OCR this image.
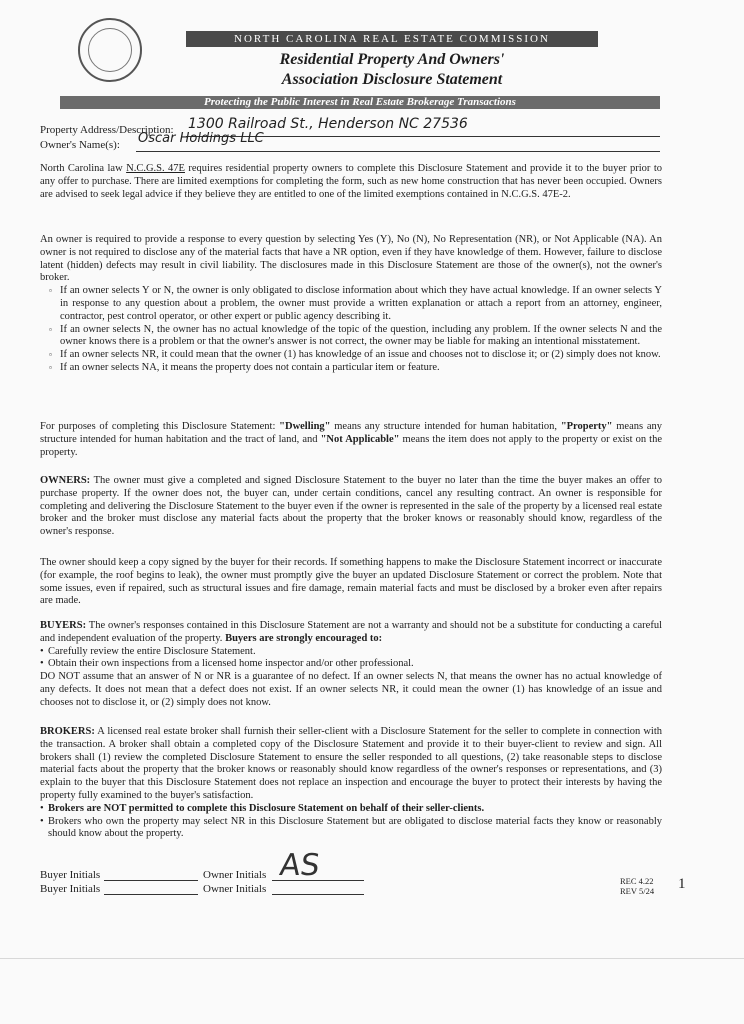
NORTH CAROLINA REAL ESTATE COMMISSION
Residential Property And Owners'
Association Disclosure Statement
Protecting the Public Interest in Real Estate Brokerage Transactions
Property Address/Description: 1300 Railroad St., Henderson NC 27536
Owner's Name(s): Oscar Holdings LLC

North Carolina law N.C.G.S. 47E requires residential property owners to complete this Disclosure Statement and provide it to the buyer prior to any offer to purchase. There are limited exemptions for completing the form, such as new home construction that has never been occupied. Owners are advised to seek legal advice if they believe they are entitled to one of the limited exemptions contained in N.C.G.S. 47E-2.

An owner is required to provide a response to every question by selecting Yes (Y), No (N), No Representation (NR), or Not Applicable (NA). An owner is not required to disclose any of the material facts that have a NR option, even if they have knowledge of them. However, failure to disclose latent (hidden) defects may result in civil liability. The disclosures made in this Disclosure Statement are those of the owner(s), not the owner's broker.

▫ If an owner selects Y or N, the owner is only obligated to disclose information about which they have actual knowledge. If an owner selects Y in response to any question about a problem, the owner must provide a written explanation or attach a report from an attorney, engineer, contractor, pest control operator, or other expert or public agency describing it.
▫ If an owner selects N, the owner has no actual knowledge of the topic of the question, including any problem. If the owner selects N and the owner knows there is a problem or that the owner's answer is not correct, the owner may be liable for making an intentional misstatement.
▫ If an owner selects NR, it could mean that the owner (1) has knowledge of an issue and chooses not to disclose it; or (2) simply does not know.
▫ If an owner selects NA, it means the property does not contain a particular item or feature.

For purposes of completing this Disclosure Statement: "Dwelling" means any structure intended for human habitation, "Property" means any structure intended for human habitation and the tract of land, and "Not Applicable" means the item does not apply to the property or exist on the property.

OWNERS: The owner must give a completed and signed Disclosure Statement to the buyer no later than the time the buyer makes an offer to purchase property. If the owner does not, the buyer can, under certain conditions, cancel any resulting contract. An owner is responsible for completing and delivering the Disclosure Statement to the buyer even if the owner is represented in the sale of the property by a licensed real estate broker and the broker must disclose any material facts about the property that the broker knows or reasonably should know, regardless of the owner's response.

The owner should keep a copy signed by the buyer for their records. If something happens to make the Disclosure Statement incorrect or inaccurate (for example, the roof begins to leak), the owner must promptly give the buyer an updated Disclosure Statement or correct the problem. Note that some issues, even if repaired, such as structural issues and fire damage, remain material facts and must be disclosed by a broker even after repairs are made.

BUYERS: The owner's responses contained in this Disclosure Statement are not a warranty and should not be a substitute for conducting a careful and independent evaluation of the property. Buyers are strongly encouraged to:

• Carefully review the entire Disclosure Statement.
• Obtain their own inspections from a licensed home inspector and/or other professional.

DO NOT assume that an answer of N or NR is a guarantee of no defect. If an owner selects N, that means the owner has no actual knowledge of any defects. It does not mean that a defect does not exist. If an owner selects NR, it could mean the owner (1) has knowledge of an issue and chooses not to disclose it, or (2) simply does not know.

BROKERS: A licensed real estate broker shall furnish their seller-client with a Disclosure Statement for the seller to complete in connection with the transaction. A broker shall obtain a completed copy of the Disclosure Statement and provide it to their buyer-client to review and sign. All brokers shall (1) review the completed Disclosure Statement to ensure the seller responded to all questions, (2) take reasonable steps to disclose material facts about the property that the broker knows or reasonably should know regardless of the owner's responses or representations, and (3) explain to the buyer that this Disclosure Statement does not replace an inspection and encourage the buyer to protect their interests by having the property fully examined to the buyer's satisfaction.

• Brokers are NOT permitted to complete this Disclosure Statement on behalf of their seller-clients.
• Brokers who own the property may select NR in this Disclosure Statement but are obligated to disclose material facts they know or reasonably should know about the property.
Buyer Initials
Buyer Initials
Owner Initials
Owner Initials
AS	REC 4.22
REV 5/24 1
